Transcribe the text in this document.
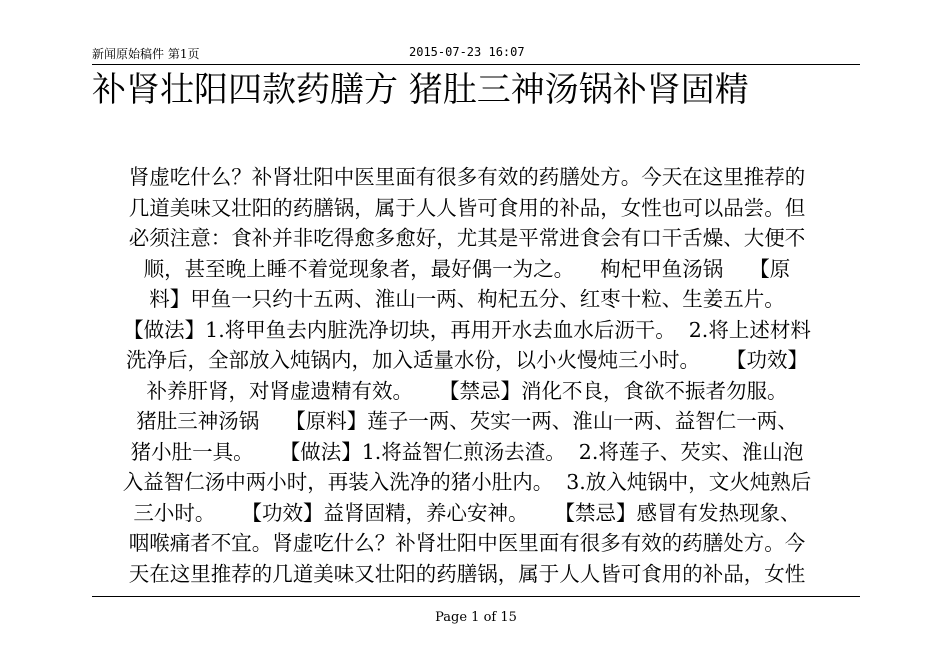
新闻原始稿件 第1页	2015-07-23 16:07
补肾壮阳四款药膳方 猪肚三神汤锅补肾固精
肾虚吃什么？补肾壮阳中医里面有很多有效的药膳处方。今天在这里推荐的
几道美味又壮阳的药膳锅，属于人人皆可食用的补品，女性也可以品尝。但
必须注意：食补并非吃得愈多愈好，尤其是平常进食会有口干舌燥、大便不
顺，甚至晚上睡不着觉现象者，最好偶一为之。    枸杞甲鱼汤锅    【原
料】甲鱼一只约十五两、淮山一两、枸杞五分、红枣十粒、生姜五片。
【做法】1.将甲鱼去内脏洗净切块，再用开水去血水后沥干。  2.将上述材料
洗净后，全部放入炖锅内，加入适量水份，以小火慢炖三小时。    【功效】
补养肝肾，对肾虚遗精有效。    【禁忌】消化不良，食欲不振者勿服。
猪肚三神汤锅    【原料】莲子一两、芡实一两、淮山一两、益智仁一两、
猪小肚一具。    【做法】1.将益智仁煎汤去渣。  2.将莲子、芡实、淮山泡
入益智仁汤中两小时，再装入洗净的猪小肚内。  3.放入炖锅中，文火炖熟后
三小时。    【功效】益肾固精，养心安神。    【禁忌】感冒有发热现象、
咽喉痛者不宜。肾虚吃什么？补肾壮阳中医里面有很多有效的药膳处方。今
天在这里推荐的几道美味又壮阳的药膳锅，属于人人皆可食用的补品，女性
Page 1 of 15
